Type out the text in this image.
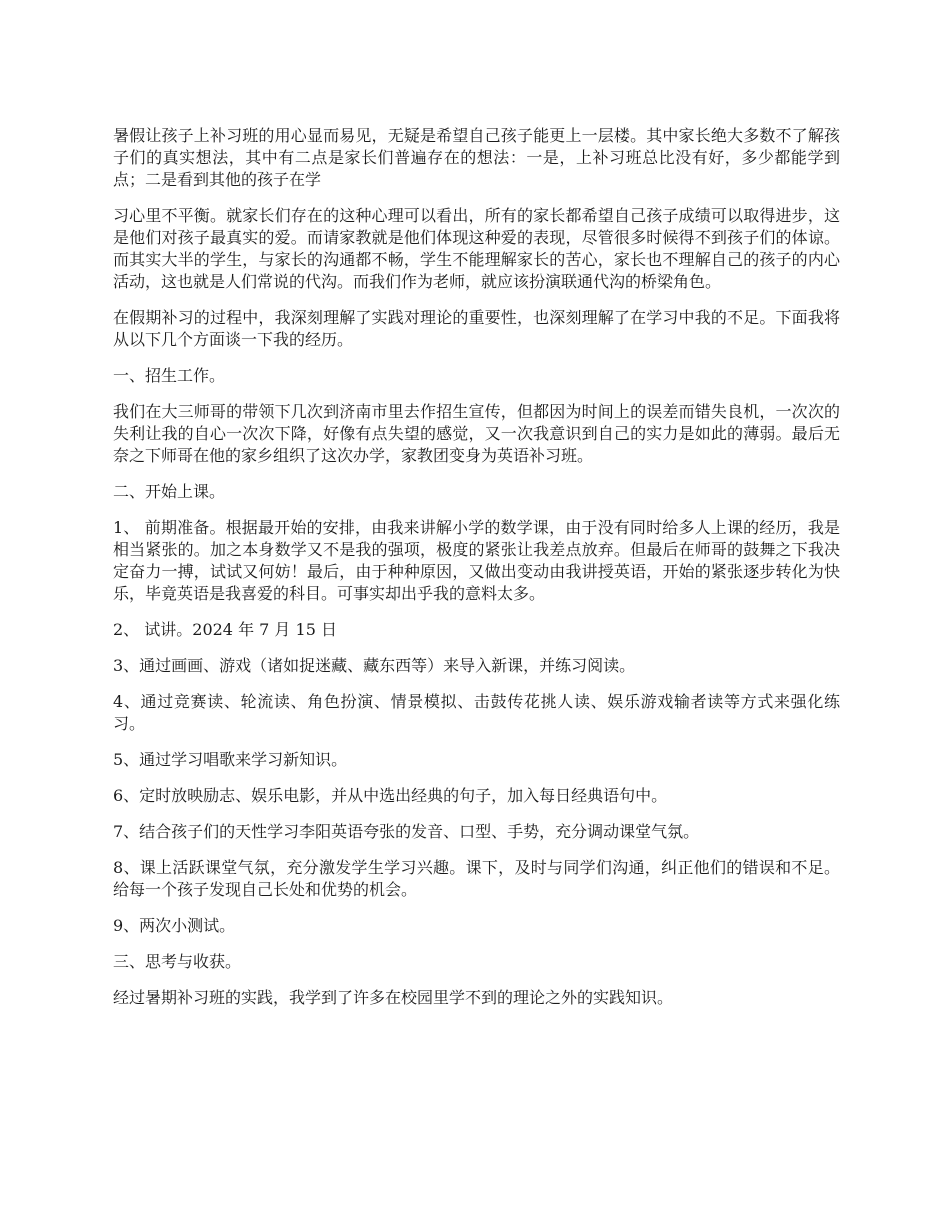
暑假让孩子上补习班的用心显而易见，无疑是希望自己孩子能更上一层楼。其中家长绝大多数不了解孩子们的真实想法，其中有二点是家长们普遍存在的想法：一是，上补习班总比没有好，多少都能学到点；二是看到其他的孩子在学

习心里不平衡。就家长们存在的这种心理可以看出，所有的家长都希望自己孩子成绩可以取得进步，这是他们对孩子最真实的爱。而请家教就是他们体现这种爱的表现，尽管很多时候得不到孩子们的体谅。而其实大半的学生，与家长的沟通都不畅，学生不能理解家长的苦心，家长也不理解自己的孩子的内心活动，这也就是人们常说的代沟。而我们作为老师，就应该扮演联通代沟的桥梁角色。

在假期补习的过程中，我深刻理解了实践对理论的重要性，也深刻理解了在学习中我的不足。下面我将从以下几个方面谈一下我的经历。

一、招生工作。

我们在大三师哥的带领下几次到济南市里去作招生宣传，但都因为时间上的误差而错失良机，一次次的失利让我的自心一次次下降，好像有点失望的感觉，又一次我意识到自己的实力是如此的薄弱。最后无奈之下师哥在他的家乡组织了这次办学，家教团变身为英语补习班。

二、开始上课。

1、 前期准备。根据最开始的安排，由我来讲解小学的数学课，由于没有同时给多人上课的经历，我是相当紧张的。加之本身数学又不是我的强项，极度的紧张让我差点放弃。但最后在师哥的鼓舞之下我决定奋力一搏，试试又何妨！最后，由于种种原因，又做出变动由我讲授英语，开始的紧张逐步转化为快乐，毕竟英语是我喜爱的科目。可事实却出乎我的意料太多。

2、 试讲。2024 年 7 月 15 日

3、通过画画、游戏（诸如捉迷藏、藏东西等）来导入新课，并练习阅读。

4、通过竞赛读、轮流读、角色扮演、情景模拟、击鼓传花挑人读、娱乐游戏输者读等方式来强化练习。

5、通过学习唱歌来学习新知识。

6、定时放映励志、娱乐电影，并从中选出经典的句子，加入每日经典语句中。

7、结合孩子们的天性学习李阳英语夸张的发音、口型、手势，充分调动课堂气氛。

8、课上活跃课堂气氛，充分激发学生学习兴趣。课下，及时与同学们沟通，纠正他们的错误和不足。给每一个孩子发现自己长处和优势的机会。

9、两次小测试。

三、思考与收获。

经过暑期补习班的实践，我学到了许多在校园里学不到的理论之外的实践知识。
